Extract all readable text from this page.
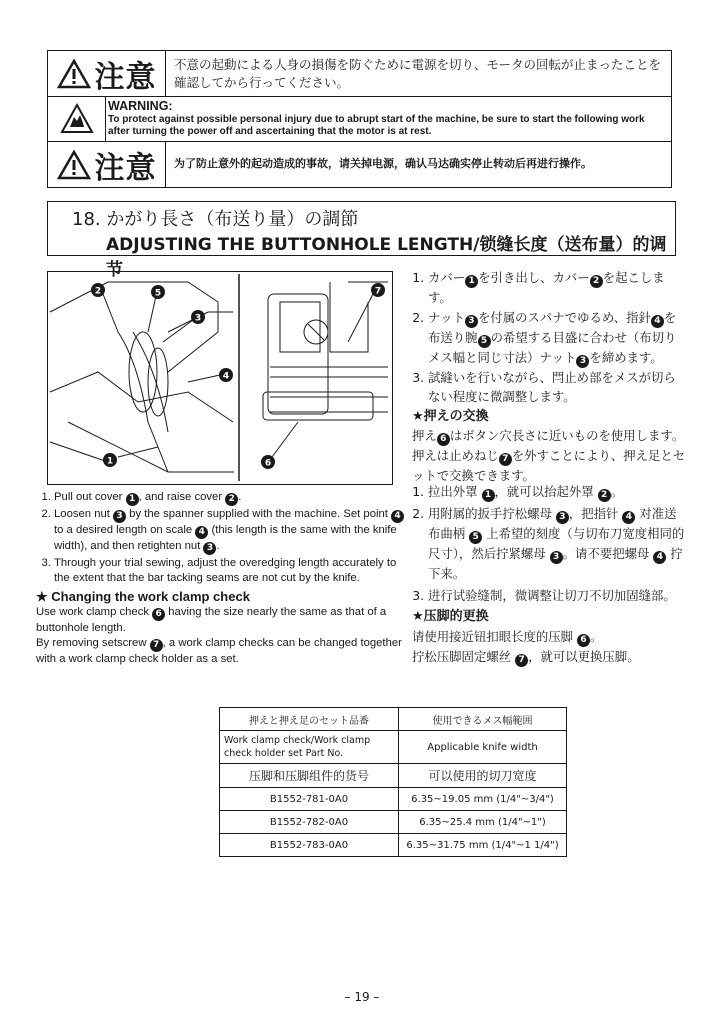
注意 不意の起動による人身の損傷を防ぐために電源を切り、モータの回転が止まったことを確認してから行ってください。
WARNING:
To protect against possible personal injury due to abrupt start of the machine, be sure to start the following work after turning the power off and ascertaining that the motor is at rest.
注意 为了防止意外的起动造成的事故，请关掉电源，确认马达确实停止转动后再进行操作。
18. かがり長さ（布送り量）の調節
ADJUSTING THE BUTTONHOLE LENGTH/锁缝长度（送布量）的调节
2	5
3
4
1
7
6
1. Pull out cover 1 , and raise cover 2 .
2. Loosen nut 3 by the spanner supplied with the machine. Set point 4 to a desired length on scale 4 (this length is the same with the knife width), and then retighten nut 3 .
3. Through your trial sewing, adjust the overedging length accurately to the extent that the bar tacking seams are not cut by the knife.
★ Changing the work clamp check

Use work clamp check 6 having the size nearly the same as that of a buttonhole length.

By removing setscrew 7 , a work clamp checks can be changed together with a work clamp check holder as a set.

1. カバー 1 を引き出し、カバー 2 を起こします。
2. ナット 3 を付属のスパナでゆるめ、指針 4 を布送り腕 5 の希望する目盛に合わせ（布切りメス幅と同じ寸法）ナット 3 を締めます。
3. 試縫いを行いながら、閂止め部をメスが切らない程度に微調整します。
★押えの交換

押え 6 はボタン穴長さに近いものを使用します。押えは止めねじ 7 を外すことにより、押え足とセットで交換できます。

1. 拉出外罩 1 ，就可以抬起外罩 2 。
2. 用附属的扳手拧松螺母 3 ，把指针 4 对准送布曲柄 5 上希望的刻度（与切布刀宽度相同的尺寸），然后拧紧螺母 3 。请不要把螺母 4 拧下来。
3. 进行试验缝制，微调整让切刀不切加固缝部。
★压脚的更换

请使用接近钮扣眼长度的压脚 6 。

拧松压脚固定螺丝 7 ，就可以更换压脚。

押えと押え足のセット品番	使用できるメス幅範囲
Work clamp check/Work clamp check holder set Part No.	Applicable knife width
压脚和压脚组件的货号	可以使用的切刀宽度
B1552-781-0A0	6.35~19.05 mm (1/4"~3/4")
B1552-782-0A0	6.35~25.4 mm (1/4"~1")
B1552-783-0A0	6.35~31.75 mm (1/4"~1 1/4")
– 19 –
